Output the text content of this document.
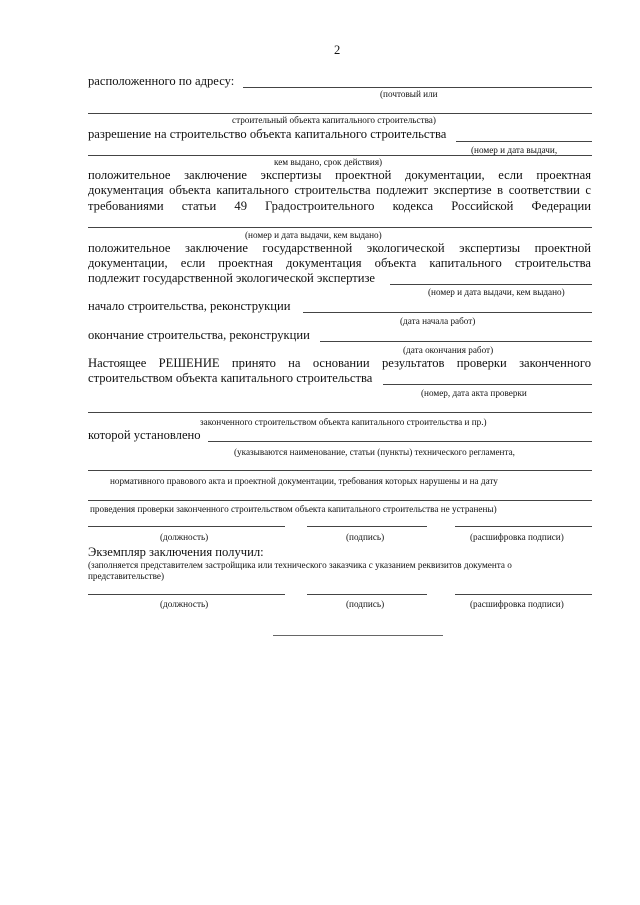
2
расположенного по адресу:
(почтовый или
строительный объекта капитального строительства)
разрешение на строительство объекта капитального строительства
(номер и дата выдачи,
кем выдано, срок действия)
положительное заключение экспертизы проектной документации, если проектная
документация объекта капитального строительства подлежит экспертизе в соответствии с
требованиями статьи 49 Градостроительного кодекса Российской Федерации
(номер и дата выдачи, кем выдано)
положительное заключение государственной экологической экспертизы проектной
документации, если проектная документация объекта капитального строительства
подлежит государственной экологической экспертизе
(номер и дата выдачи, кем выдано)
начало строительства, реконструкции
(дата начала работ)
окончание строительства, реконструкции
(дата окончания работ)
Настоящее РЕШЕНИЕ принято на основании результатов проверки законченного
строительством объекта капитального строительства
(номер, дата акта проверки
законченного строительством объекта капитального строительства и пр.)
которой установлено
(указываются наименование, статьи (пункты) технического регламента,
нормативного правового акта и проектной документации, требования которых нарушены и на дату
проведения проверки законченного строительством объекта капитального строительства не устранены)
(должность)	(подпись)	(расшифровка подписи)
Экземпляр заключения получил:
(заполняется представителем застройщика или технического заказчика с указанием реквизитов документа о
представительстве)
(должность)	(подпись)	(расшифровка подписи)
